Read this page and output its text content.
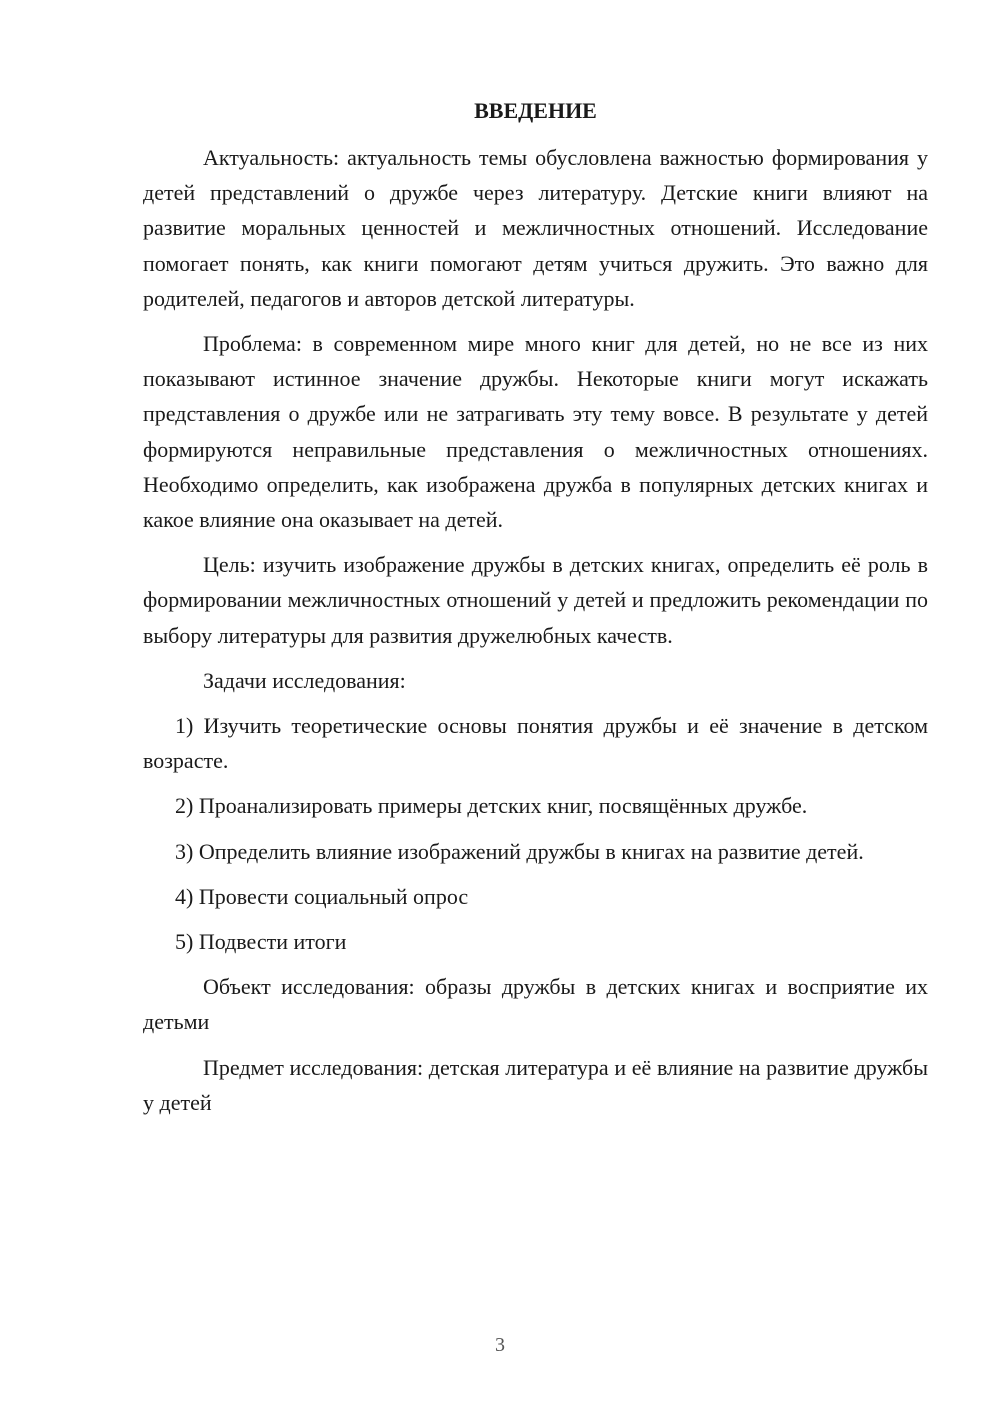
ВВЕДЕНИЕ

Актуальность: актуальность темы обусловлена важностью формирования у детей представлений о дружбе через литературу. Детские книги влияют на развитие моральных ценностей и межличностных отношений. Исследование помогает понять, как книги помогают детям учиться дружить. Это важно для родителей, педагогов и авторов детской литературы.

Проблема: в современном мире много книг для детей, но не все из них показывают истинное значение дружбы. Некоторые книги могут искажать представления о дружбе или не затрагивать эту тему вовсе. В результате у детей формируются неправильные представления о межличностных отношениях. Необходимо определить, как изображена дружба в популярных детских книгах и какое влияние она оказывает на детей.

Цель: изучить изображение дружбы в детских книгах, определить её роль в формировании межличностных отношений у детей и предложить рекомендации по выбору литературы для развития дружелюбных качеств.

Задачи исследования:

1) Изучить теоретические основы понятия дружбы и её значение в детском возрасте.

2) Проанализировать примеры детских книг, посвящённых дружбе.

3) Определить влияние изображений дружбы в книгах на развитие детей.

4) Провести социальный опрос

5) Подвести итоги

Объект исследования: образы дружбы в детских книгах и восприятие их детьми

Предмет исследования: детская литература и её влияние на развитие дружбы у детей

3
